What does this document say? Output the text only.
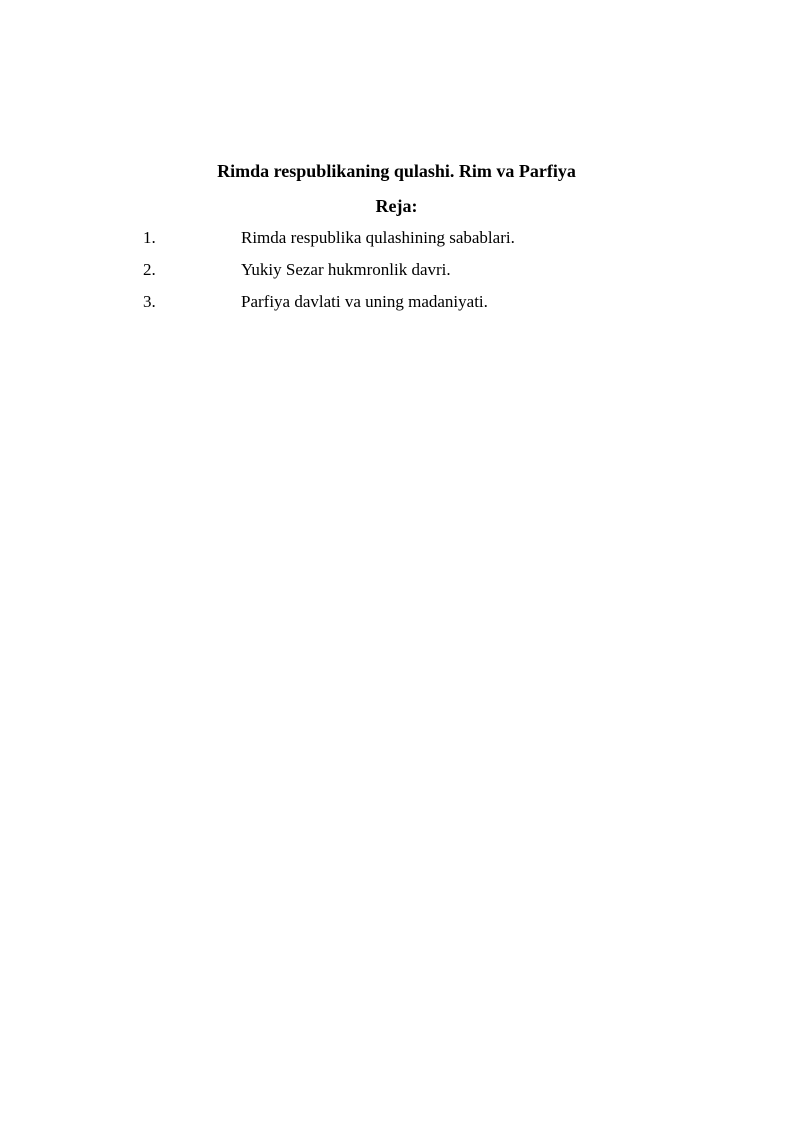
Rimda respublikaning qulashi. Rim va Parfiya
Reja:
1.	Rimda respublika qulashining sabablari.
2.	Yukiy Sezar hukmronlik davri.
3.	Parfiya davlati va uning madaniyati.
